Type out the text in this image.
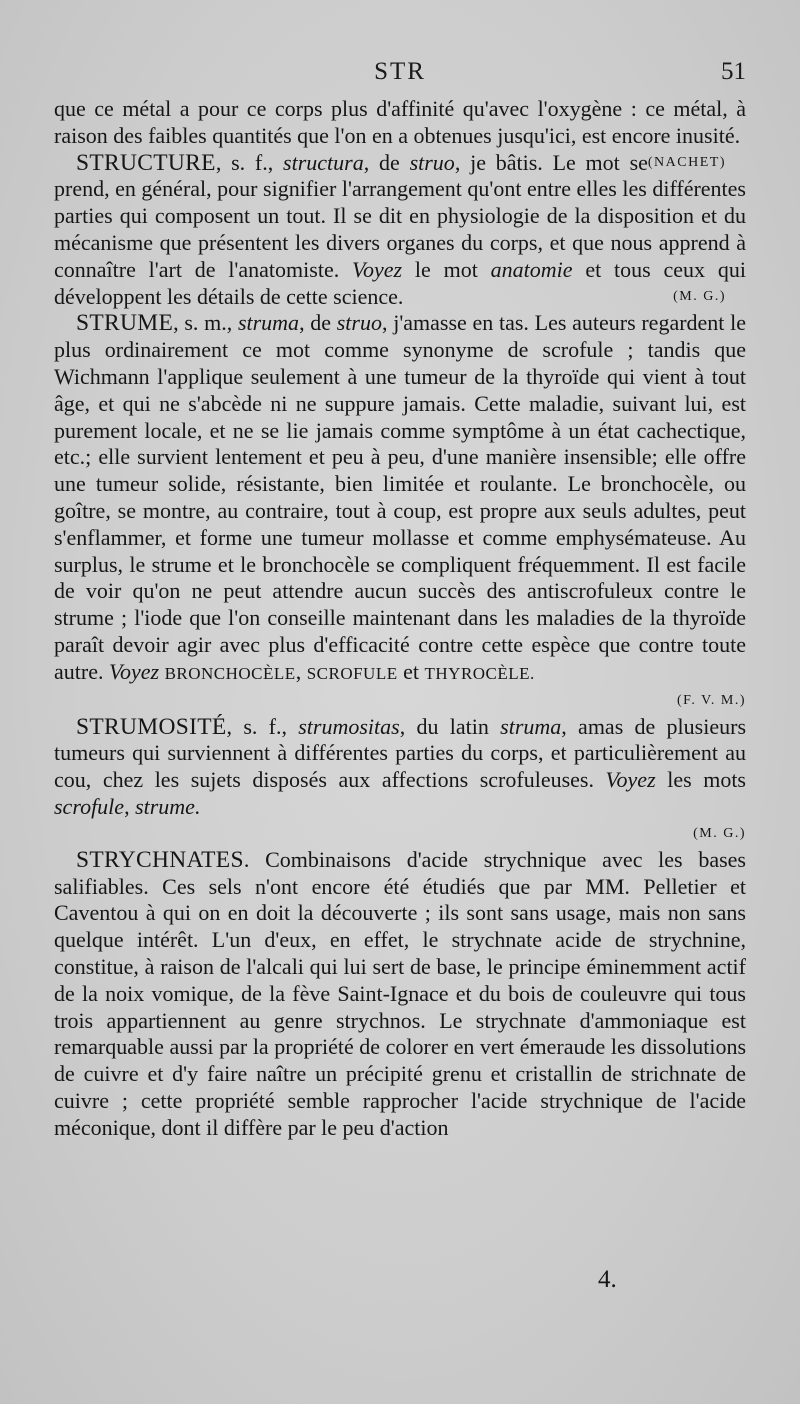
STR	51

que ce métal a pour ce corps plus d'affinité qu'avec l'oxygène : ce métal, à raison des faibles quantités que l'on en a obtenues jusqu'ici, est encore inusité.
(NACHET)

STRUCTURE, s. f., structura, de struo, je bâtis. Le mot se prend, en général, pour signifier l'arrangement qu'ont entre elles les différentes parties qui composent un tout. Il se dit en physiologie de la disposition et du mécanisme que présentent les divers organes du corps, et que nous apprend à connaître l'art de l'anatomiste. Voyez le mot anatomie et tous ceux qui développent les détails de cette science.	(M. G.)

STRUME, s. m., struma, de struo, j'amasse en tas. Les auteurs regardent le plus ordinairement ce mot comme synonyme de scrofule ; tandis que Wichmann l'applique seulement à une tumeur de la thyroïde qui vient à tout âge, et qui ne s'abcède ni ne suppure jamais. Cette maladie, suivant lui, est purement locale, et ne se lie jamais comme symptôme à un état cachectique, etc.; elle survient lentement et peu à peu, d'une manière insensible; elle offre une tumeur solide, résistante, bien limitée et roulante. Le bronchocèle, ou goître, se montre, au contraire, tout à coup, est propre aux seuls adultes, peut s'enflammer, et forme une tumeur mollasse et comme emphysémateuse. Au surplus, le strume et le bronchocèle se compliquent fréquemment. Il est facile de voir qu'on ne peut attendre aucun succès des antiscrofuleux contre le strume ; l'iode que l'on conseille maintenant dans les maladies de la thyroïde paraît devoir agir avec plus d'efficacité contre cette espèce que contre toute autre. Voyez BRONCHOCÈLE, SCROFULE et THYROCÈLE.
(F. V. M.)

STRUMOSITÉ, s. f., strumositas, du latin struma, amas de plusieurs tumeurs qui surviennent à différentes parties du corps, et particulièrement au cou, chez les sujets disposés aux affections scrofuleuses. Voyez les mots scrofule, strume.
(M. G.)

STRYCHNATES. Combinaisons d'acide strychnique avec les bases salifiables. Ces sels n'ont encore été étudiés que par MM. Pelletier et Caventou à qui on en doit la découverte ; ils sont sans usage, mais non sans quelque intérêt. L'un d'eux, en effet, le strychnate acide de strychnine, constitue, à raison de l'alcali qui lui sert de base, le principe éminemment actif de la noix vomique, de la fève Saint-Ignace et du bois de couleuvre qui tous trois appartiennent au genre strychnos. Le strychnate d'ammoniaque est remarquable aussi par la propriété de colorer en vert émeraude les dissolutions de cuivre et d'y faire naître un précipité grenu et cristallin de strichnate de cuivre ; cette propriété semble rapprocher l'acide strychnique de l'acide méconique, dont il diffère par le peu d'action

4.
